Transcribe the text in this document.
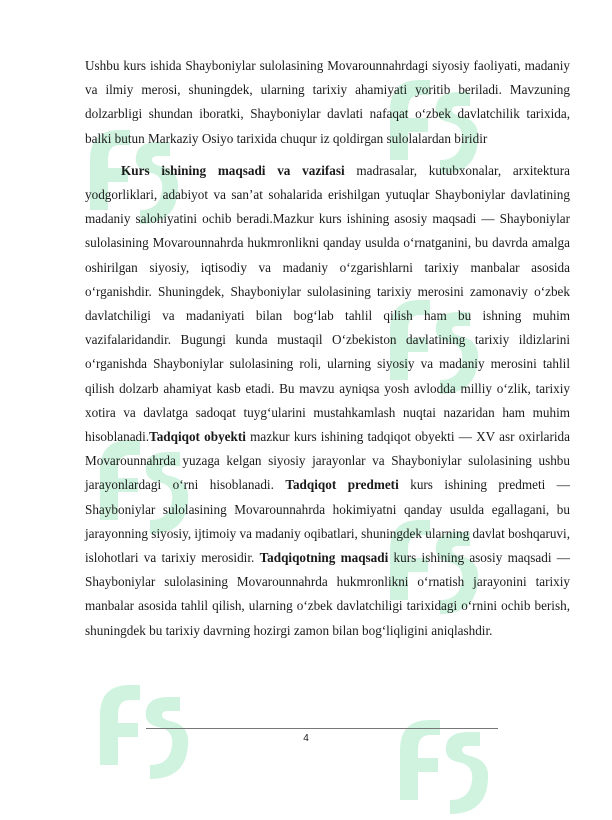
Ushbu kurs ishida Shayboniylar sulolasining Movarounnahrdagi siyosiy faoliyati, madaniy va ilmiy merosi, shuningdek, ularning tarixiy ahamiyati yoritib beriladi. Mavzuning dolzarbligi shundan iboratki, Shayboniylar davlati nafaqat o‘zbek davlatchilik tarixida, balki butun Markaziy Osiyo tarixida chuqur iz qoldirgan sulolalardan biridir

Kurs ishining maqsadi va vazifasi madrasalar, kutubxonalar, arxitektura yodgorliklari, adabiyot va san’at sohalarida erishilgan yutuqlar Shayboniylar davlatining madaniy salohiyatini ochib beradi.Mazkur kurs ishining asosiy maqsadi — Shayboniylar sulolasining Movarounnahrda hukmronlikni qanday usulda o‘rnatganini, bu davrda amalga oshirilgan siyosiy, iqtisodiy va madaniy o‘zgarishlarni tarixiy manbalar asosida o‘rganishdir. Shuningdek, Shayboniylar sulolasining tarixiy merosini zamonaviy o‘zbek davlatchiligi va madaniyati bilan bog‘lab tahlil qilish ham bu ishning muhim vazifalaridandir. Bugungi kunda mustaqil O‘zbekiston davlatining tarixiy ildizlarini o‘rganishda Shayboniylar sulolasining roli, ularning siyosiy va madaniy merosini tahlil qilish dolzarb ahamiyat kasb etadi. Bu mavzu ayniqsa yosh avlodda milliy o‘zlik, tarixiy xotira va davlatga sadoqat tuyg‘ularini mustahkamlash nuqtai nazaridan ham muhim hisoblanadi.Tadqiqot obyekti mazkur kurs ishining tadqiqot obyekti — XV asr oxirlarida Movarounnahrda yuzaga kelgan siyosiy jarayonlar va Shayboniylar sulolasining ushbu jarayonlardagi o‘rni hisoblanadi. Tadqiqot predmeti kurs ishining predmeti — Shayboniylar sulolasining Movarounnahrda hokimiyatni qanday usulda egallagani, bu jarayonning siyosiy, ijtimoiy va madaniy oqibatlari, shuningdek ularning davlat boshqaruvi, islohotlari va tarixiy merosidir. Tadqiqotning maqsadi kurs ishining asosiy maqsadi — Shayboniylar sulolasining Movarounnahrda hukmronlikni o‘rnatish jarayonini tarixiy manbalar asosida tahlil qilish, ularning o‘zbek davlatchiligi tarixidagi o‘rnini ochib berish, shuningdek bu tarixiy davrning hozirgi zamon bilan bog‘liqligini aniqlashdir.

4
